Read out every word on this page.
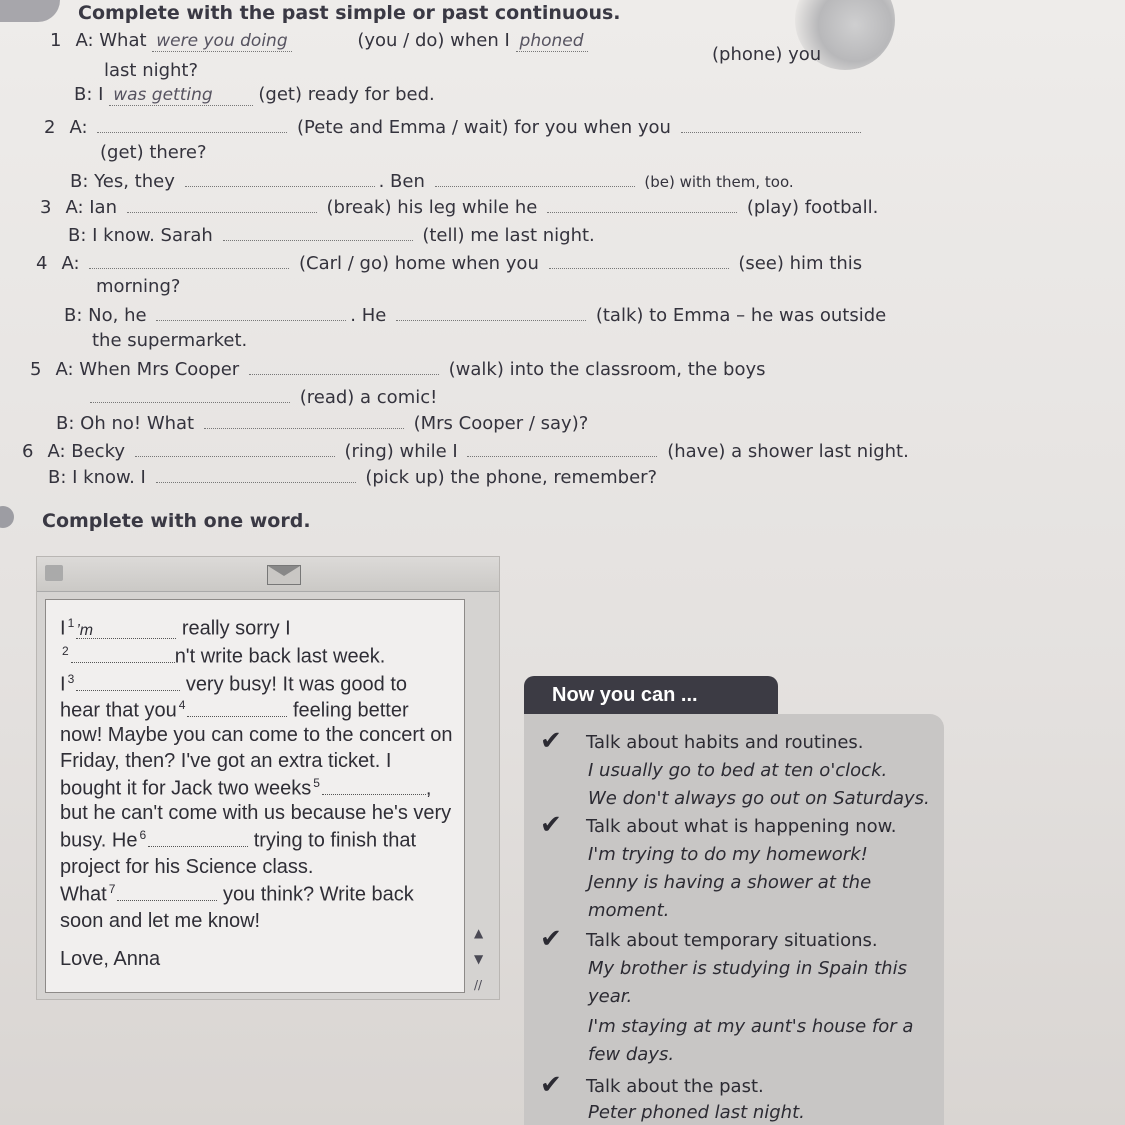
Complete with the past simple or past continuous.
1 A: What were you doing	(you / do) when I phoned
(phone) you
last night?
B: I was getting	(get) ready for bed.
2 A:	(Pete and Emma / wait) for you when you
(get) there?
B: Yes, they	. Ben	(be) with them, too.
3 A: Ian	(break) his leg while he	(play) football.
B: I know. Sarah	(tell) me last night.
4 A:	(Carl / go) home when you	(see) him this
morning?
B: No, he	. He	(talk) to Emma – he was outside
the supermarket.
5 A: When Mrs Cooper	(walk) into the classroom, the boys
(read) a comic!
B: Oh no! What	(Mrs Cooper / say)?
6 A: Becky	(ring) while I	(have) a shower last night.
B: I know. I	(pick up) the phone, remember?
Complete with one word.
I $^1$ ’m	really sorry I
$^2$	n't write back last week.
I $^3$	very busy! It was good to
hear that you $^4$	feeling better
now! Maybe you can come to the concert on
Friday, then? I've got an extra ticket. I
bought it for Jack two weeks $^5$	,
but he can't come with us because he's very
busy. He $^6$	trying to finish that
project for his Science class.
What $^7$	you think? Write back
soon and let me know!
Love, Anna
▲
▼
//
Now you can ...
✔ Talk about habits and routines.
I usually go to bed at ten o'clock.
We don't always go out on Saturdays.
✔ Talk about what is happening now.
I'm trying to do my homework!
Jenny is having a shower at the
moment.
✔ Talk about temporary situations.
My brother is studying in Spain this
year.
I'm staying at my aunt's house for a
few days.
✔ Talk about the past.
Peter phoned last night.
